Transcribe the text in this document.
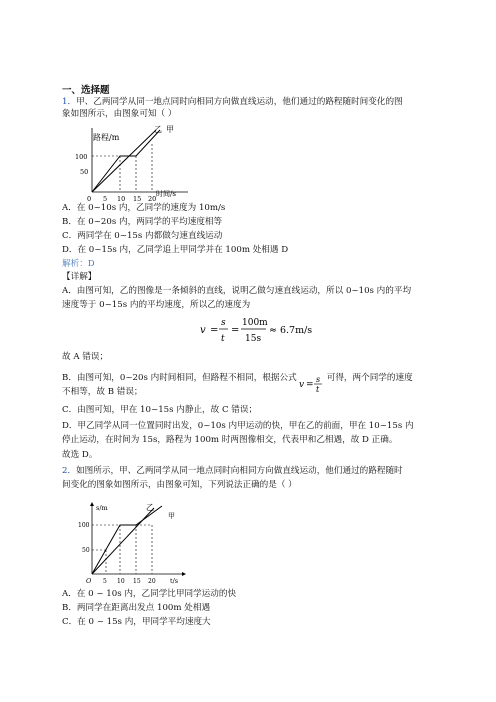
一、选择题
1．甲、乙两同学从同一地点同时向相同方向做直线运动，他们通过的路程随时间变化的图
象如图所示，由图象可知（ ）
路程/m
时间/s
100
50
0 5 10 15 20
乙 甲
A．在 0~10s 内，乙同学的速度为 10m/s
B．在 0~20s 内，两同学的平均速度相等
C．两同学在 0~15s 内都做匀速直线运动
D．在 0~15s 内，乙同学追上甲同学并在 100m 处相遇 D
解析：D
【详解】
A．由图可知，乙的图像是一条倾斜的直线，说明乙做匀速直线运动，所以 0~10s 内的平均
速度等于 0~15s 内的平均速度，所以乙的速度为
v =
s
t
=
100m
15s
≈ 6.7m/s
故 A 错误；
B．由图可知，0~20s 内时间相同，但路程不相同，根据公式
v =
s
t
可得，两个同学的速度
不相等，故 B 错误；
C．由图可知，甲在 10~15s 内静止，故 C 错误；
D．甲乙同学从同一位置同时出发，0~10s 内甲运动的快，甲在乙的前面，甲在 10~15s 内
停止运动，在时间为 15s，路程为 100m 时两图像相交，代表甲和乙相遇，故 D 正确。
故选 D。
2．如图所示，甲、乙两同学从同一地点同时向相同方向做直线运动，他们通过的路程随时
间变化的图象如图所示，由图象可知，下列说法正确的是（ ）
s/m
t/s
100
50
O 5 10 15 20
乙
甲
A．在 0 ~ 10s 内，乙同学比甲同学运动的快
B．两同学在距离出发点 100m 处相遇
C．在 0 ~ 15s 内，甲同学平均速度大
